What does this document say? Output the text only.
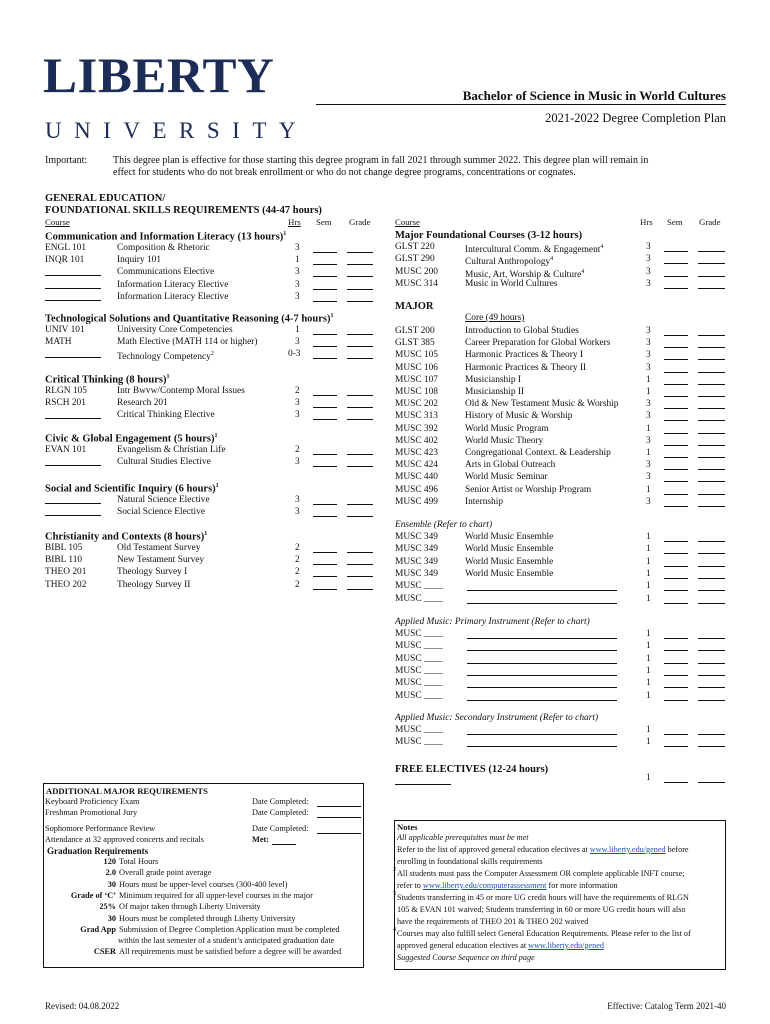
LIBERTY
UNIVERSITY
Bachelor of Science in Music in World Cultures
2021-2022 Degree Completion Plan
Important:	This degree plan is effective for those starting this degree program in fall 2021 through summer 2022. This degree plan will remain in
effect for students who do not break enrollment or who do not change degree programs, concentrations or cognates.
GENERAL EDUCATION/
FOUNDATIONAL SKILLS REQUIREMENTS (44-47 hours)
Course	Hrs Sem Grade	Course	Hrs Sem Grade
Communication and Information Literacy (13 hours)$^1$
ENGL 101	Composition & Rhetoric	3
INQR 101	Inquiry 101	1
Communications Elective	3
Information Literacy Elective	3
Information Literacy Elective	3
Technological Solutions and Quantitative Reasoning (4-7 hours)$^1$
UNIV 101	University Core Competencies	1
MATH	Math Elective (MATH 114 or higher)	3
Technology Competency$^2$	0-3
Critical Thinking (8 hours)$^1$
RLGN 105	Intr Bwvw/Contemp Moral Issues	2
RSCH 201	Research 201	3
Critical Thinking Elective	3
Civic & Global Engagement (5 hours)$^1$
EVAN 101	Evangelism & Christian Life	2
Cultural Studies Elective	3
Social and Scientific Inquiry (6 hours)$^1$
Natural Science Elective	3
Social Science Elective	3
Christianity and Contexts (8 hours)$^1$
BIBL 105	Old Testament Survey	2
BIBL 110	New Testament Survey	2
THEO 201	Theology Survey I	2
THEO 202	Theology Survey II	2
Major Foundational Courses (3-12 hours)
GLST 220	Intercultural Comm. & Engagement$^4$	3
GLST 290	Cultural Anthropology$^4$	3
MUSC 200	Music, Art, Worship & Culture$^4$	3
MUSC 314	Music in World Cultures	3
MAJOR
Core (49 hours)
GLST 200	Introduction to Global Studies	3
GLST 385	Career Preparation for Global Workers	3
MUSC 105	Harmonic Practices & Theory I	3
MUSC 106	Harmonic Practices & Theory II	3
MUSC 107	Musicianship I	1
MUSC 108	Musicianship II	1
MUSC 202	Old & New Testament Music & Worship	3
MUSC 313	History of Music & Worship	3
MUSC 392	World Music Program	1
MUSC 402	World Music Theory	3
MUSC 423	Congregational Context. & Leadership	1
MUSC 424	Arts in Global Outreach	3
MUSC 440	World Music Seminar	3
MUSC 496	Senior Artist or Worship Program	1
MUSC 499	Internship	3
Ensemble (Refer to chart)
MUSC 349	World Music Ensemble	1
MUSC 349	World Music Ensemble	1
MUSC 349	World Music Ensemble	1
MUSC 349	World Music Ensemble	1
MUSC ____	1
MUSC ____	1
Applied Music: Primary Instrument (Refer to chart)
MUSC ____	1
MUSC ____	1
MUSC ____	1
MUSC ____	1
MUSC ____	1
MUSC ____	1
Applied Music: Secondary Instrument (Refer to chart)
MUSC ____	1
MUSC ____	1
FREE ELECTIVES (12-24 hours)
1
ADDITIONAL MAJOR REQUIREMENTS
Keyboard Proficiency Exam	Date Completed:
Freshman Promotional Jury	Date Completed:
Sophomore Performance Review	Date Completed:
Attendance at 32 approved concerts and recitals	Met:
Graduation Requirements
120 Total Hours
2.0 Overall grade point average
30 Hours must be upper-level courses (300-400 level)
Grade of ‘C’ Minimum required for all upper-level courses in the major
25% Of major taken through Liberty University
30 Hours must be completed through Liberty University
Grad App Submission of Degree Completion Application must be completed
within the last semester of a student’s anticipated graduation date
CSER All requirements must be satisfied before a degree will be awarded
Notes
All applicable prerequisites must be met
Refer to the list of approved general education electives at www.liberty.edu/gened before
enrolling in foundational skills requirements
All students must pass the Computer Assessment OR complete applicable INFT course;
refer to www.liberty.edu/computerassessment for more information
Students transferring in 45 or more UG credit hours will have the requirements of RLGN
105 & EVAN 101 waived; Students transferring in 60 or more UG credit hours will also
have the requirements of THEO 201 & THEO 202 waived
Courses may also fulfill select General Education Requirements. Please refer to the list of
approved general education electives at www.liberty.edu/gened
Suggested Course Sequence on third page
1
2
3
4
Revised: 04.08.2022	Effective: Catalog Term 2021-40
